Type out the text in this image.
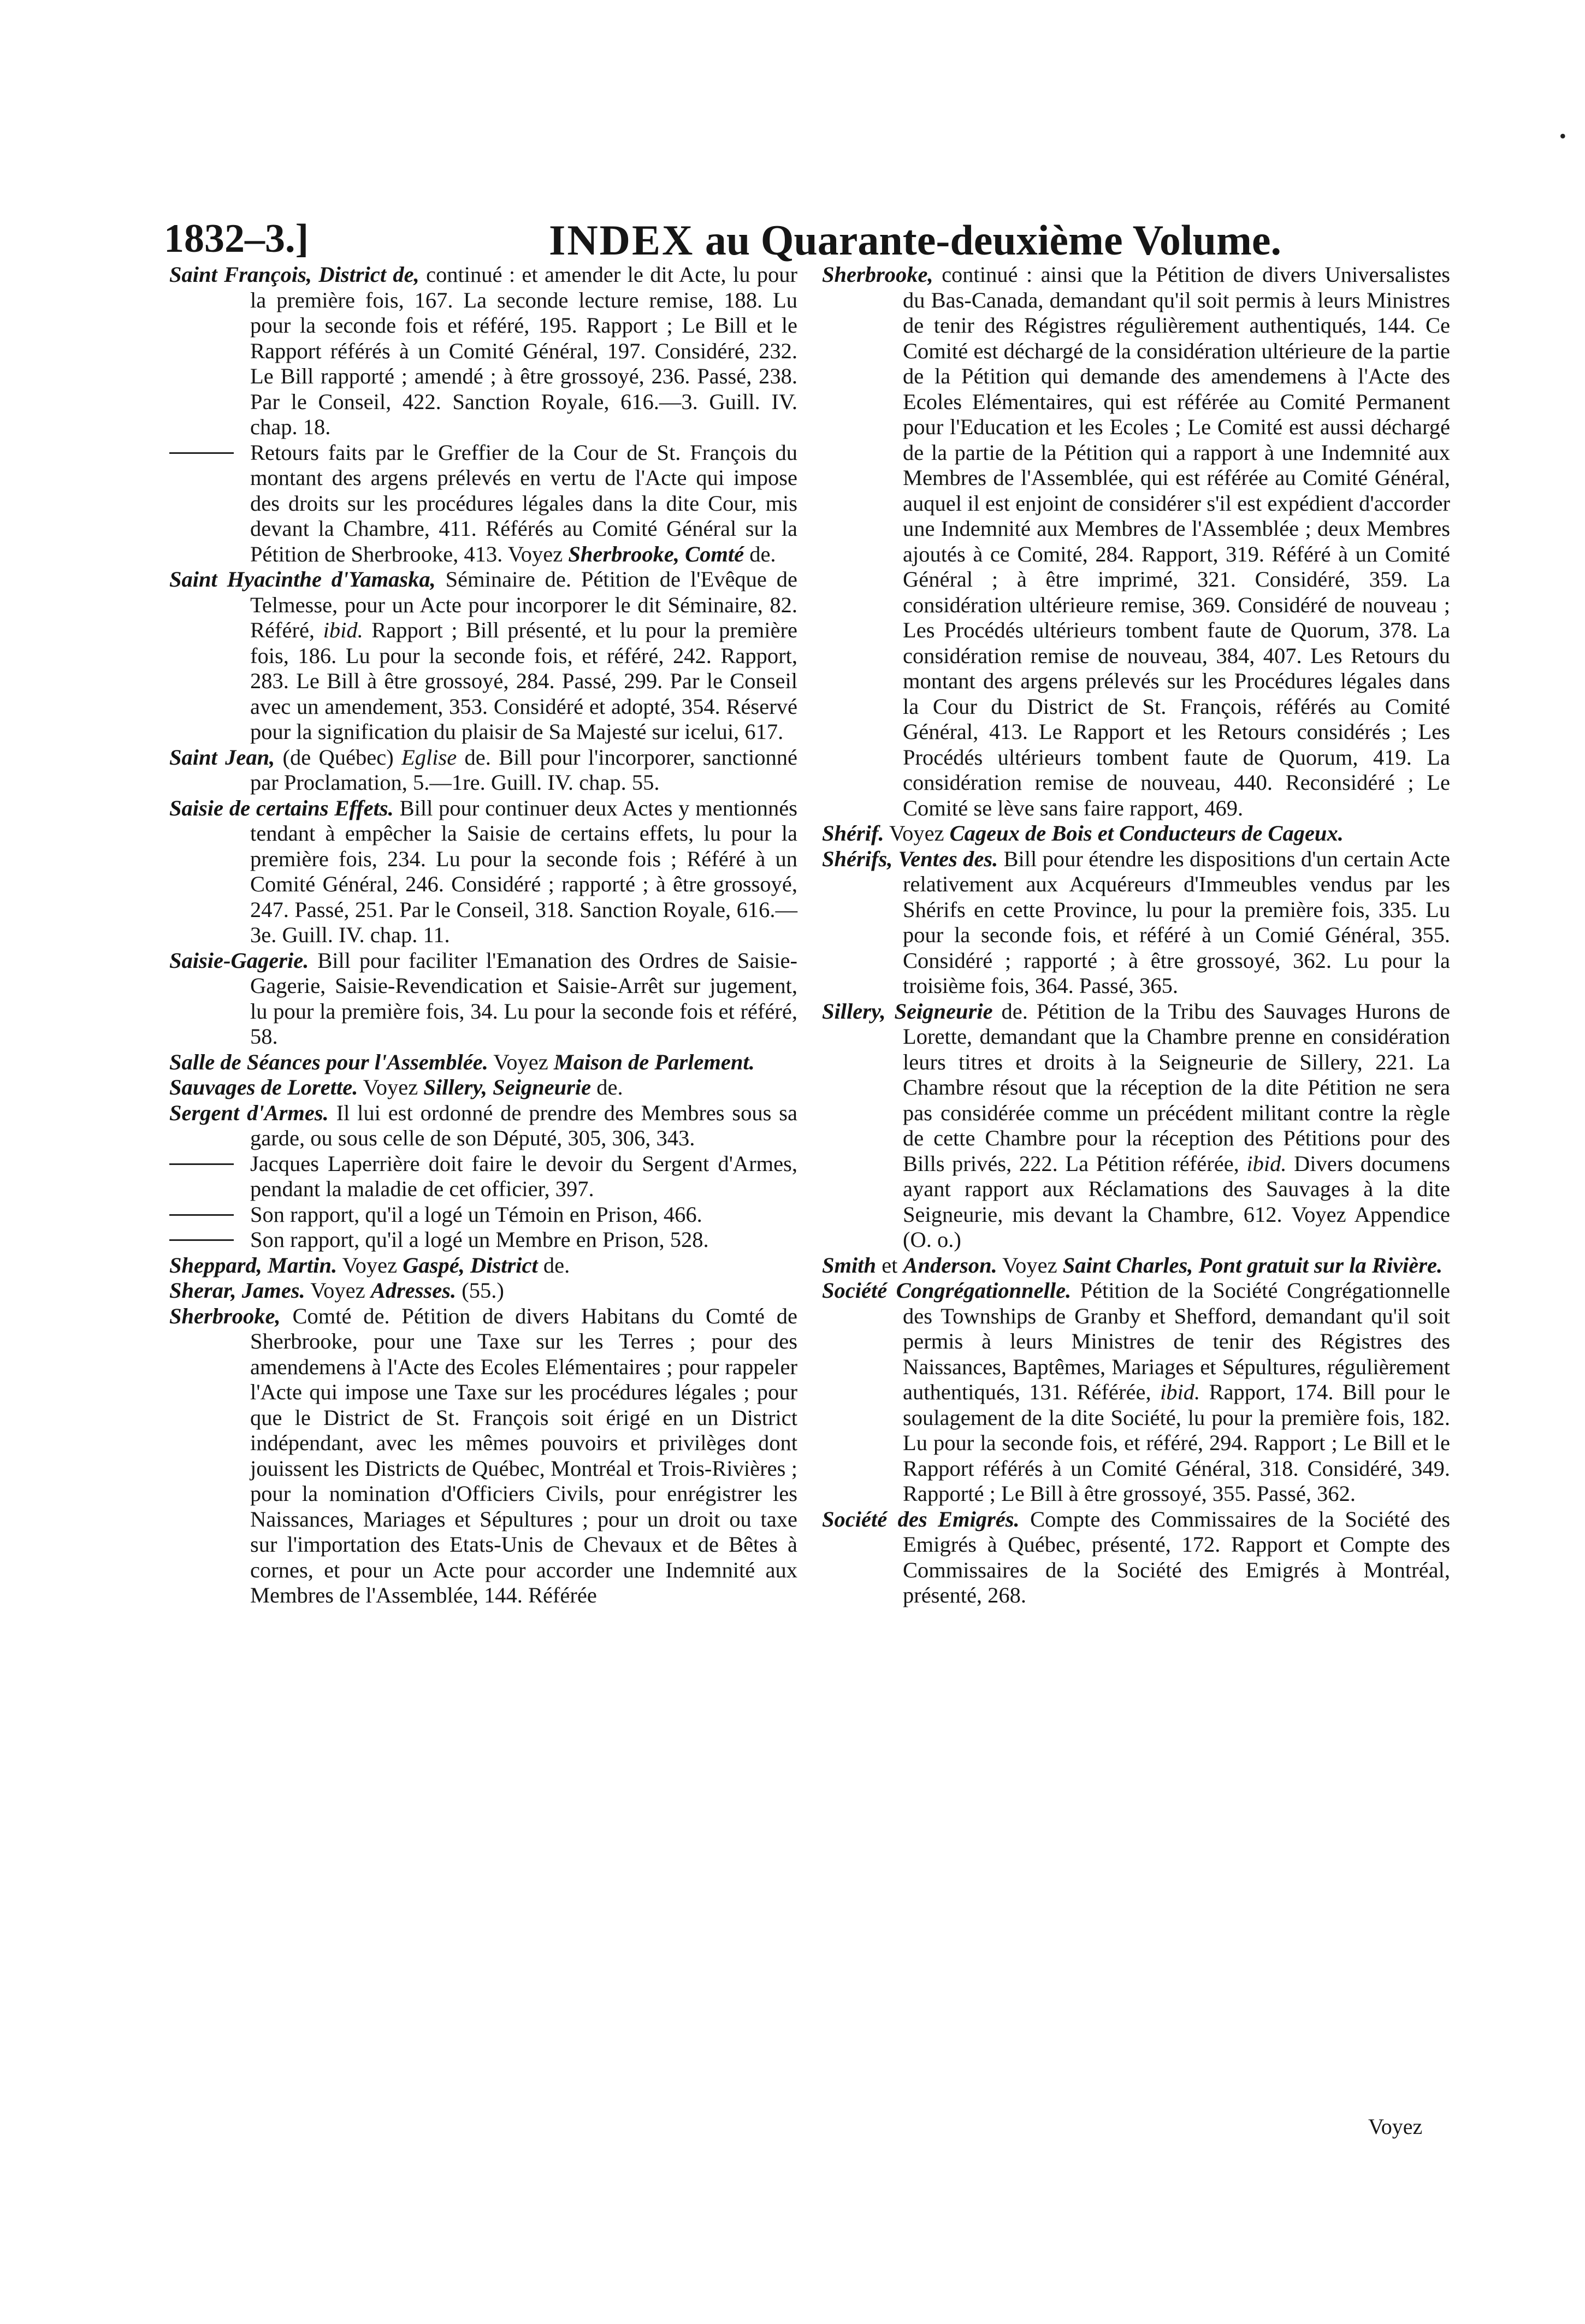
•
1832–3.]	INDEX au Quarante-deuxième Volume.

Saint François, District de, continué : et amender le dit Acte, lu pour la première fois, 167. La seconde lecture remise, 188. Lu pour la seconde fois et référé, 195. Rapport ; Le Bill et le Rapport référés à un Comité Général, 197. Considéré, 232. Le Bill rapporté ; amendé ; à être grossoyé, 236. Passé, 238. Par le Conseil, 422. Sanction Royale, 616.—3. Guill. IV. chap. 18.

Retours faits par le Greffier de la Cour de St. François du montant des argens prélevés en vertu de l'Acte qui impose des droits sur les procédures légales dans la dite Cour, mis devant la Chambre, 411. Référés au Comité Général sur la Pétition de Sherbrooke, 413. Voyez Sherbrooke, Comté de.

Saint Hyacinthe d'Yamaska, Séminaire de. Pétition de l'Evêque de Telmesse, pour un Acte pour incorporer le dit Séminaire, 82. Référé, ibid. Rapport ; Bill présenté, et lu pour la première fois, 186. Lu pour la seconde fois, et référé, 242. Rapport, 283. Le Bill à être grossoyé, 284. Passé, 299. Par le Conseil avec un amendement, 353. Considéré et adopté, 354. Réservé pour la signification du plaisir de Sa Majesté sur icelui, 617.

Saint Jean, (de Québec) Eglise de. Bill pour l'incorporer, sanctionné par Proclamation, 5.—1re. Guill. IV. chap. 55.

Saisie de certains Effets. Bill pour continuer deux Actes y mentionnés tendant à empêcher la Saisie de certains effets, lu pour la première fois, 234. Lu pour la seconde fois ; Référé à un Comité Général, 246. Considéré ; rapporté ; à être grossoyé, 247. Passé, 251. Par le Conseil, 318. Sanction Royale, 616.—3e. Guill. IV. chap. 11.

Saisie-Gagerie. Bill pour faciliter l'Emanation des Ordres de Saisie-Gagerie, Saisie-Revendication et Saisie-Arrêt sur jugement, lu pour la première fois, 34. Lu pour la seconde fois et référé, 58.

Salle de Séances pour l'Assemblée. Voyez Maison de Parlement.

Sauvages de Lorette. Voyez Sillery, Seigneurie de.

Sergent d'Armes. Il lui est ordonné de prendre des Membres sous sa garde, ou sous celle de son Député, 305, 306, 343.

Jacques Laperrière doit faire le devoir du Sergent d'Armes, pendant la maladie de cet officier, 397.

Son rapport, qu'il a logé un Témoin en Prison, 466.

Son rapport, qu'il a logé un Membre en Prison, 528.

Sheppard, Martin. Voyez Gaspé, District de.

Sherar, James. Voyez Adresses. (55.)

Sherbrooke, Comté de. Pétition de divers Habitans du Comté de Sherbrooke, pour une Taxe sur les Terres ; pour des amendemens à l'Acte des Ecoles Elémentaires ; pour rappeler l'Acte qui impose une Taxe sur les procédures légales ; pour que le District de St. François soit érigé en un District indépendant, avec les mêmes pouvoirs et privilèges dont jouissent les Districts de Québec, Montréal et Trois-Rivières ; pour la nomination d'Officiers Civils, pour enrégistrer les Naissances, Mariages et Sépultures ; pour un droit ou taxe sur l'importation des Etats-Unis de Chevaux et de Bêtes à cornes, et pour un Acte pour accorder une Indemnité aux Membres de l'Assemblée, 144. Référée

Sherbrooke, continué : ainsi que la Pétition de divers Universalistes du Bas-Canada, demandant qu'il soit permis à leurs Ministres de tenir des Régistres régulièrement authentiqués, 144. Ce Comité est déchargé de la considération ultérieure de la partie de la Pétition qui demande des amendemens à l'Acte des Ecoles Elémentaires, qui est référée au Comité Permanent pour l'Education et les Ecoles ; Le Comité est aussi déchargé de la partie de la Pétition qui a rapport à une Indemnité aux Membres de l'Assemblée, qui est référée au Comité Général, auquel il est enjoint de considérer s'il est expédient d'accorder une Indemnité aux Membres de l'Assemblée ; deux Membres ajoutés à ce Comité, 284. Rapport, 319. Référé à un Comité Général ; à être imprimé, 321. Considéré, 359. La considération ultérieure remise, 369. Considéré de nouveau ; Les Procédés ultérieurs tombent faute de Quorum, 378. La considération remise de nouveau, 384, 407. Les Retours du montant des argens prélevés sur les Procédures légales dans la Cour du District de St. François, référés au Comité Général, 413. Le Rapport et les Retours considérés ; Les Procédés ultérieurs tombent faute de Quorum, 419. La considération remise de nouveau, 440. Reconsidéré ; Le Comité se lève sans faire rapport, 469.

Shérif. Voyez Cageux de Bois et Conducteurs de Cageux.

Shérifs, Ventes des. Bill pour étendre les dispositions d'un certain Acte relativement aux Acquéreurs d'Immeubles vendus par les Shérifs en cette Province, lu pour la première fois, 335. Lu pour la seconde fois, et référé à un Comié Général, 355. Considéré ; rapporté ; à être grossoyé, 362. Lu pour la troisième fois, 364. Passé, 365.

Sillery, Seigneurie de. Pétition de la Tribu des Sauvages Hurons de Lorette, demandant que la Chambre prenne en considération leurs titres et droits à la Seigneurie de Sillery, 221. La Chambre résout que la réception de la dite Pétition ne sera pas considérée comme un précédent militant contre la règle de cette Chambre pour la réception des Pétitions pour des Bills privés, 222. La Pétition référée, ibid. Divers documens ayant rapport aux Réclamations des Sauvages à la dite Seigneurie, mis devant la Chambre, 612. Voyez Appendice (O. o.)

Smith et Anderson. Voyez Saint Charles, Pont gratuit sur la Rivière.

Société Congrégationnelle. Pétition de la Société Congrégationnelle des Townships de Granby et Shefford, demandant qu'il soit permis à leurs Ministres de tenir des Régistres des Naissances, Baptêmes, Mariages et Sépultures, régulièrement authentiqués, 131. Référée, ibid. Rapport, 174. Bill pour le soulagement de la dite Société, lu pour la première fois, 182. Lu pour la seconde fois, et référé, 294. Rapport ; Le Bill et le Rapport référés à un Comité Général, 318. Considéré, 349. Rapporté ; Le Bill à être grossoyé, 355. Passé, 362.

Société des Emigrés. Compte des Commissaires de la Société des Emigrés à Québec, présenté, 172. Rapport et Compte des Commissaires de la Société des Emigrés à Montréal, présenté, 268.

Voyez
